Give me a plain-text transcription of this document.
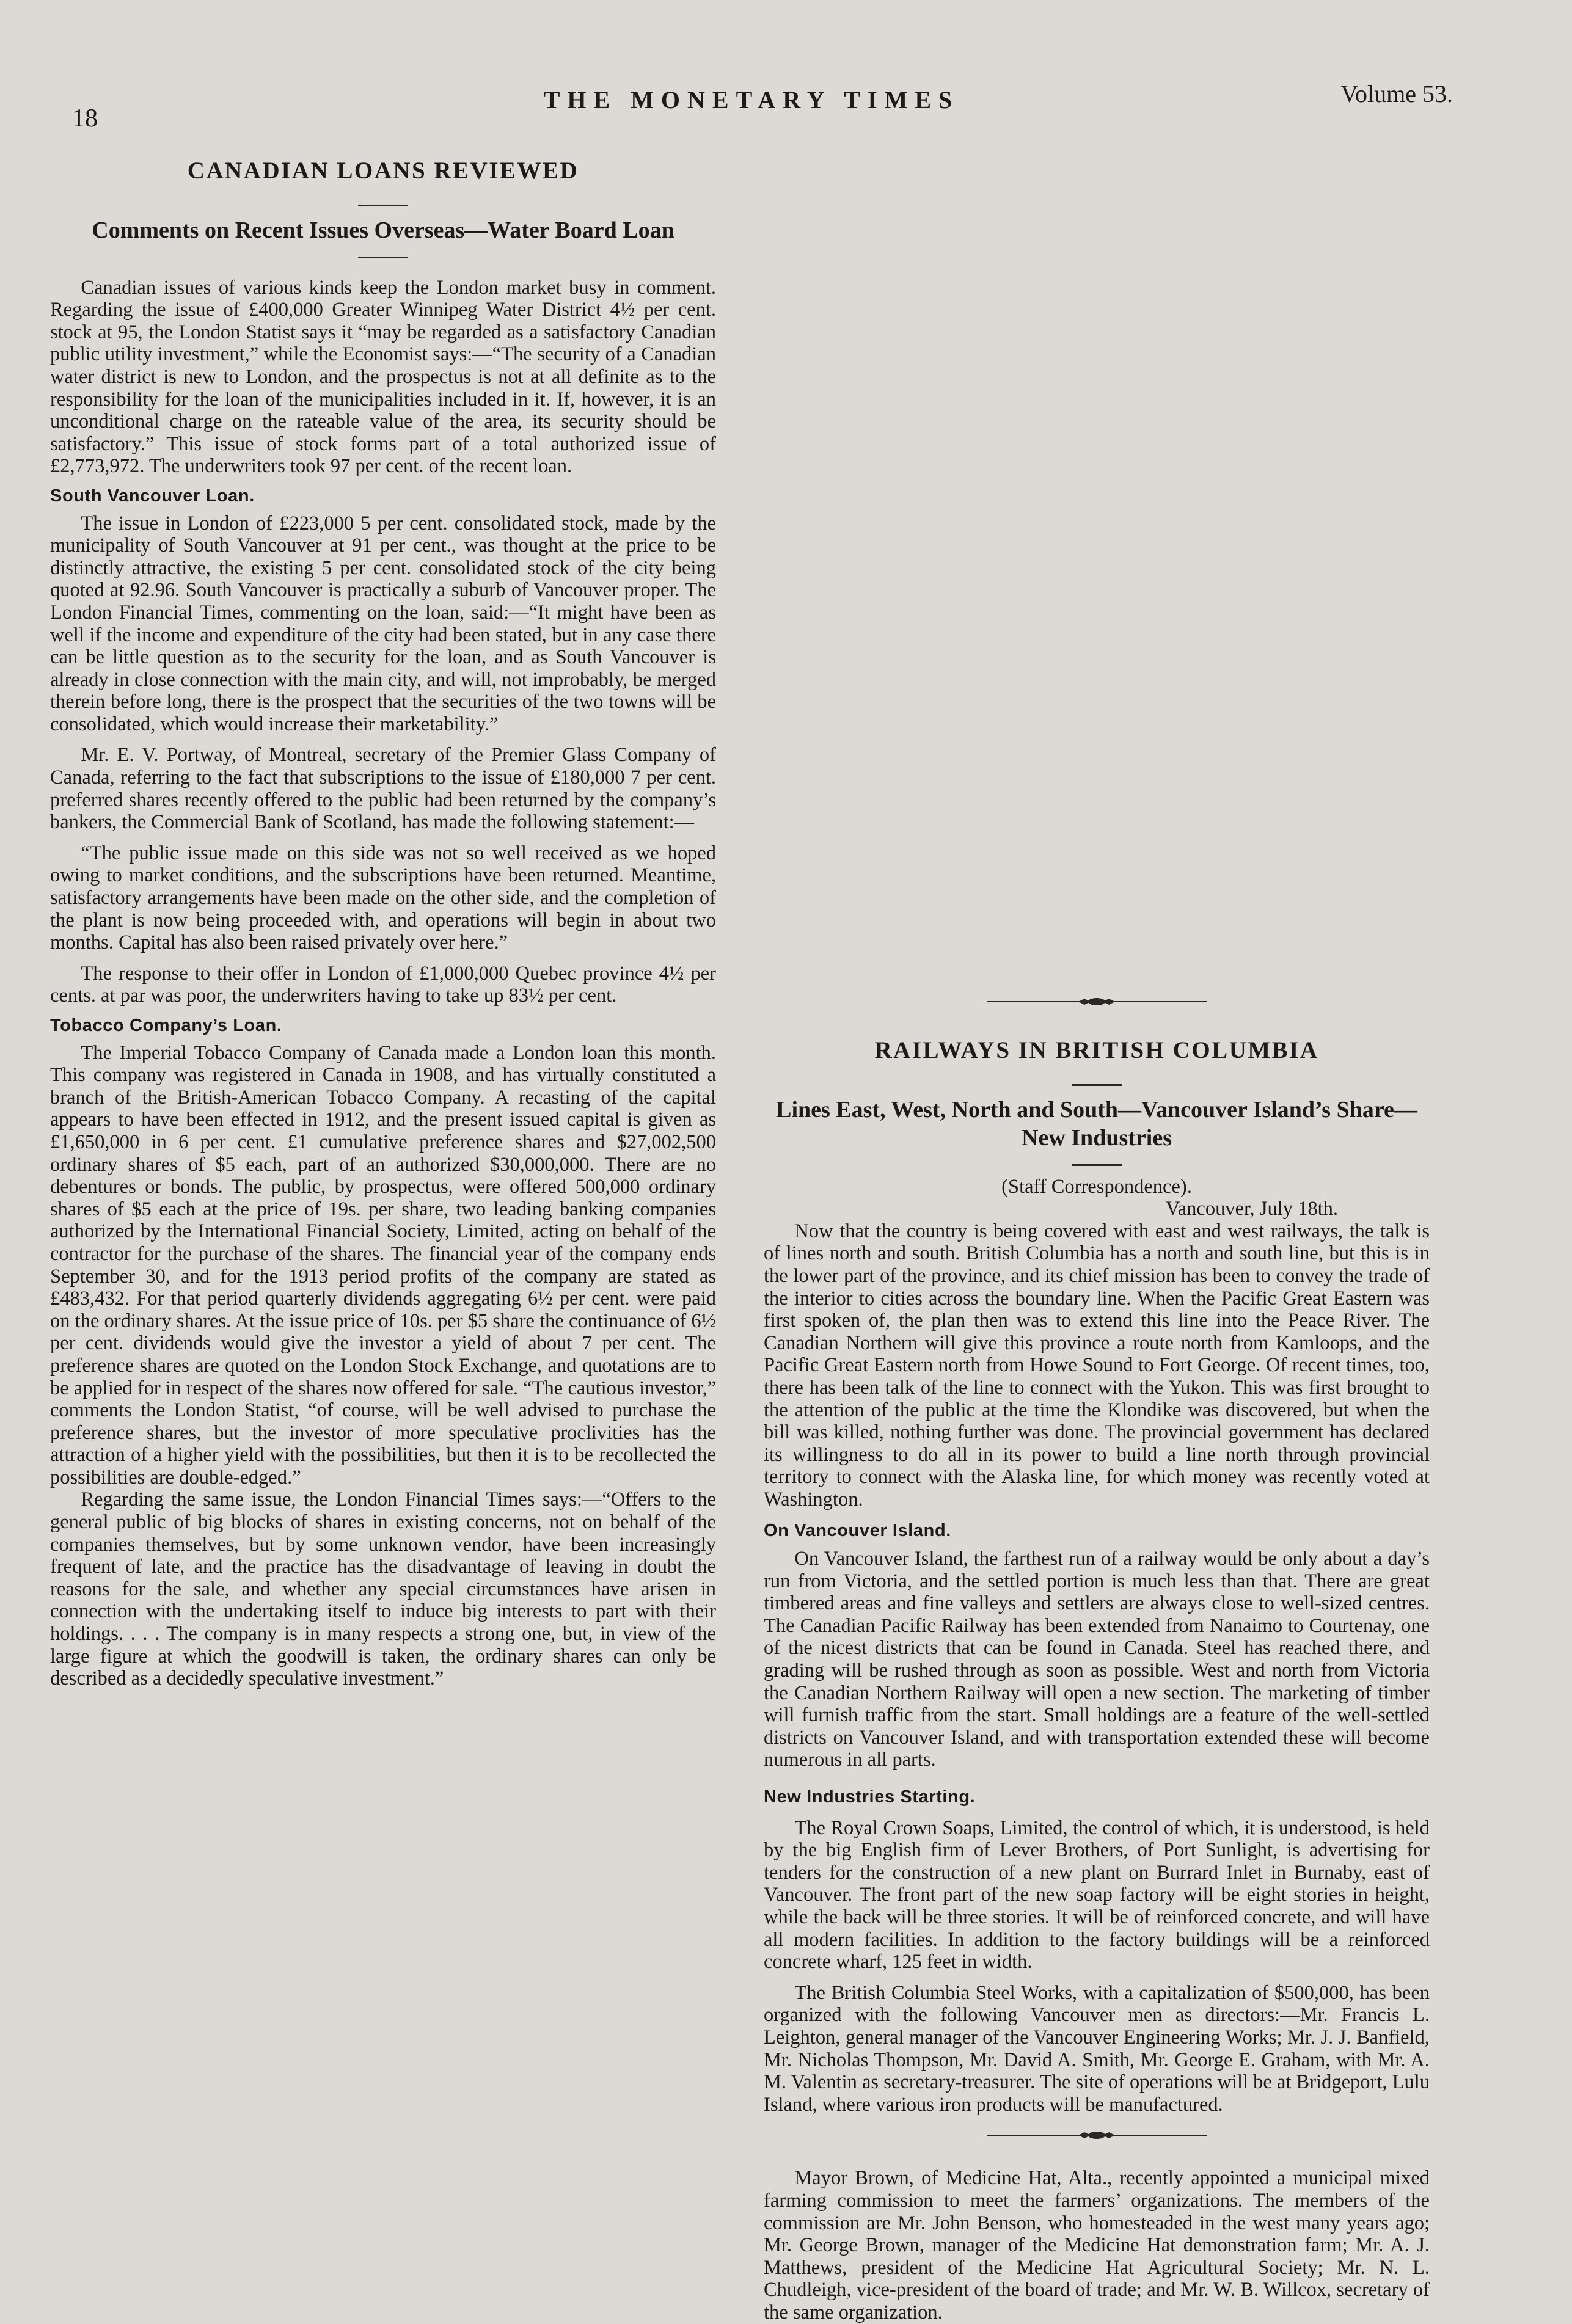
18
THE MONETARY TIMES	Volume 53.
CANADIAN LOANS REVIEWED
Comments on Recent Issues Overseas—Water Board Loan

Canadian issues of various kinds keep the London market busy in comment. Regarding the issue of £400,000 Greater Winnipeg Water District 4½ per cent. stock at 95, the London Statist says it “may be regarded as a satisfactory Canadian public utility investment,” while the Economist says:—“The security of a Canadian water district is new to London, and the prospectus is not at all definite as to the responsibility for the loan of the municipalities included in it. If, however, it is an unconditional charge on the rateable value of the area, its security should be satisfactory.” This issue of stock forms part of a total authorized issue of £2,773,972. The underwriters took 97 per cent. of the recent loan.

South Vancouver Loan.

The issue in London of £223,000 5 per cent. consolidated stock, made by the municipality of South Vancouver at 91 per cent., was thought at the price to be distinctly attractive, the existing 5 per cent. consolidated stock of the city being quoted at 92.96. South Vancouver is practically a suburb of Vancouver proper. The London Financial Times, commenting on the loan, said:—“It might have been as well if the income and expenditure of the city had been stated, but in any case there can be little question as to the security for the loan, and as South Vancouver is already in close connection with the main city, and will, not improbably, be merged therein before long, there is the prospect that the securities of the two towns will be consolidated, which would increase their marketability.”

Mr. E. V. Portway, of Montreal, secretary of the Premier Glass Company of Canada, referring to the fact that subscriptions to the issue of £180,000 7 per cent. preferred shares recently offered to the public had been returned by the company’s bankers, the Commercial Bank of Scotland, has made the following statement:—

“The public issue made on this side was not so well received as we hoped owing to market conditions, and the subscriptions have been returned. Meantime, satisfactory arrangements have been made on the other side, and the completion of the plant is now being proceeded with, and operations will begin in about two months. Capital has also been raised privately over here.”

The response to their offer in London of £1,000,000 Quebec province 4½ per cents. at par was poor, the underwriters having to take up 83½ per cent.

Tobacco Company’s Loan.

The Imperial Tobacco Company of Canada made a London loan this month. This company was registered in Canada in 1908, and has virtually constituted a branch of the British-American Tobacco Company. A recasting of the capital appears to have been effected in 1912, and the present issued capital is given as £1,650,000 in 6 per cent. £1 cumulative preference shares and $27,002,500 ordinary shares of $5 each, part of an authorized $30,000,000. There are no debentures or bonds. The public, by prospectus, were offered 500,000 ordinary shares of $5 each at the price of 19s. per share, two leading banking companies authorized by the International Financial Society, Limited, acting on behalf of the contractor for the purchase of the shares. The financial year of the company ends September 30, and for the 1913 period profits of the company are stated as £483,432. For that period quarterly dividends aggregating 6½ per cent. were paid on the ordinary shares. At the issue price of 10s. per $5 share the continuance of 6½ per cent. dividends would give the investor a yield of about 7 per cent. The preference shares are quoted on the London Stock Exchange, and quotations are to be applied for in respect of the shares now offered for sale. “The cautious investor,” comments the London Statist, “of course, will be well advised to purchase the preference shares, but the investor of more speculative proclivities has the attraction of a higher yield with the possibilities, but then it is to be recollected the possibilities are double-edged.”

Regarding the same issue, the London Financial Times says:—“Offers to the general public of big blocks of shares in existing concerns, not on behalf of the companies themselves, but by some unknown vendor, have been increasingly frequent of late, and the practice has the disadvantage of leaving in doubt the reasons for the sale, and whether any special circumstances have arisen in connection with the undertaking itself to induce big interests to part with their holdings. . . . The company is in many respects a strong one, but, in view of the large figure at which the goodwill is taken, the ordinary shares can only be described as a decidedly speculative investment.”

RAILWAYS IN BRITISH COLUMBIA
Lines East, West, North and South—Vancouver Island’s Share—New Industries

(Staff Correspondence).

Vancouver, July 18th.

Now that the country is being covered with east and west railways, the talk is of lines north and south. British Columbia has a north and south line, but this is in the lower part of the province, and its chief mission has been to convey the trade of the interior to cities across the boundary line. When the Pacific Great Eastern was first spoken of, the plan then was to extend this line into the Peace River. The Canadian Northern will give this province a route north from Kamloops, and the Pacific Great Eastern north from Howe Sound to Fort George. Of recent times, too, there has been talk of the line to connect with the Yukon. This was first brought to the attention of the public at the time the Klondike was discovered, but when the bill was killed, nothing further was done. The provincial government has declared its willingness to do all in its power to build a line north through provincial territory to connect with the Alaska line, for which money was recently voted at Washington.

On Vancouver Island.

On Vancouver Island, the farthest run of a railway would be only about a day’s run from Victoria, and the settled portion is much less than that. There are great timbered areas and fine valleys and settlers are always close to well-sized centres. The Canadian Pacific Railway has been extended from Nanaimo to Courtenay, one of the nicest districts that can be found in Canada. Steel has reached there, and grading will be rushed through as soon as possible. West and north from Victoria the Canadian Northern Railway will open a new section. The marketing of timber will furnish traffic from the start. Small holdings are a feature of the well-settled districts on Vancouver Island, and with transportation extended these will become numerous in all parts.

New Industries Starting.

The Royal Crown Soaps, Limited, the control of which, it is understood, is held by the big English firm of Lever Brothers, of Port Sunlight, is advertising for tenders for the construction of a new plant on Burrard Inlet in Burnaby, east of Vancouver. The front part of the new soap factory will be eight stories in height, while the back will be three stories. It will be of reinforced concrete, and will have all modern facilities. In addition to the factory buildings will be a reinforced concrete wharf, 125 feet in width.

The British Columbia Steel Works, with a capitalization of $500,000, has been organized with the following Vancouver men as directors:—Mr. Francis L. Leighton, general manager of the Vancouver Engineering Works; Mr. J. J. Banfield, Mr. Nicholas Thompson, Mr. David A. Smith, Mr. George E. Graham, with Mr. A. M. Valentin as secretary-treasurer. The site of operations will be at Bridgeport, Lulu Island, where various iron products will be manufactured.

Mayor Brown, of Medicine Hat, Alta., recently appointed a municipal mixed farming commission to meet the farmers’ organizations. The members of the commission are Mr. John Benson, who homesteaded in the west many years ago; Mr. George Brown, manager of the Medicine Hat demonstration farm; Mr. A. J. Matthews, president of the Medicine Hat Agricultural Society; Mr. N. L. Chudleigh, vice-president of the board of trade; and Mr. W. B. Willcox, secretary of the same organization.
